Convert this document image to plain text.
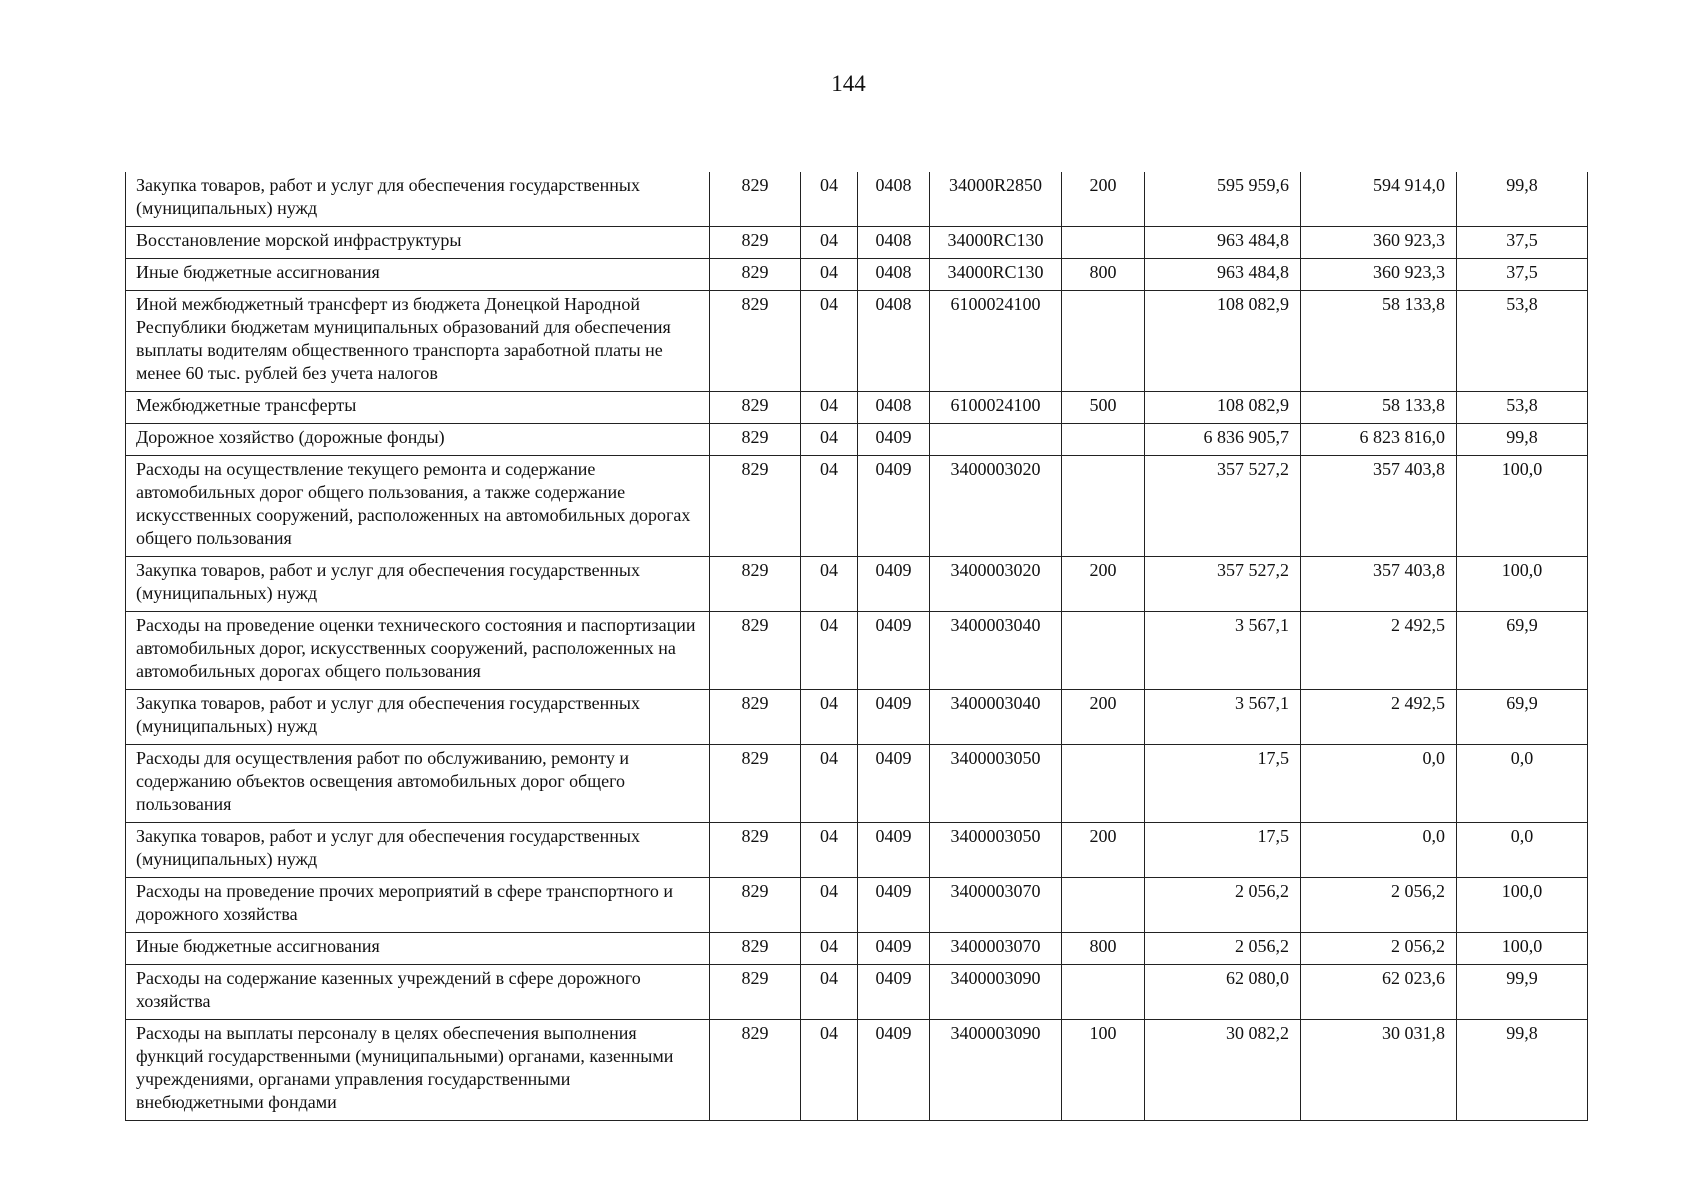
144
Закупка товаров, работ и услуг для обеспечения государственных (муниципальных) нужд	829	04	0408	34000R2850	200	595 959,6	594 914,0	99,8
Восстановление морской инфраструктуры	829	04	0408	34000RC130		963 484,8	360 923,3	37,5
Иные бюджетные ассигнования	829	04	0408	34000RC130	800	963 484,8	360 923,3	37,5
Иной межбюджетный трансферт из бюджета Донецкой Народной Республики бюджетам муниципальных образований для обеспечения выплаты водителям общественного транспорта заработной платы не менее 60 тыс. рублей без учета налогов	829	04	0408	6100024100		108 082,9	58 133,8	53,8
Межбюджетные трансферты	829	04	0408	6100024100	500	108 082,9	58 133,8	53,8
Дорожное хозяйство (дорожные фонды)	829	04	0409			6 836 905,7	6 823 816,0	99,8
Расходы на осуществление текущего ремонта и содержание автомобильных дорог общего пользования, а также содержание искусственных сооружений, расположенных на автомобильных дорогах общего пользования	829	04	0409	3400003020		357 527,2	357 403,8	100,0
Закупка товаров, работ и услуг для обеспечения государственных (муниципальных) нужд	829	04	0409	3400003020	200	357 527,2	357 403,8	100,0
Расходы на проведение оценки технического состояния и паспортизации автомобильных дорог, искусственных сооружений, расположенных на автомобильных дорогах общего пользования	829	04	0409	3400003040		3 567,1	2 492,5	69,9
Закупка товаров, работ и услуг для обеспечения государственных (муниципальных) нужд	829	04	0409	3400003040	200	3 567,1	2 492,5	69,9
Расходы для осуществления работ по обслуживанию, ремонту и содержанию объектов освещения автомобильных дорог общего пользования	829	04	0409	3400003050		17,5	0,0	0,0
Закупка товаров, работ и услуг для обеспечения государственных (муниципальных) нужд	829	04	0409	3400003050	200	17,5	0,0	0,0
Расходы на проведение прочих мероприятий в сфере транспортного и дорожного хозяйства	829	04	0409	3400003070		2 056,2	2 056,2	100,0
Иные бюджетные ассигнования	829	04	0409	3400003070	800	2 056,2	2 056,2	100,0
Расходы на содержание казенных учреждений в сфере дорожного хозяйства	829	04	0409	3400003090		62 080,0	62 023,6	99,9
Расходы на выплаты персоналу в целях обеспечения выполнения функций государственными (муниципальными) органами, казенными учреждениями, органами управления государственными внебюджетными фондами	829	04	0409	3400003090	100	30 082,2	30 031,8	99,8
